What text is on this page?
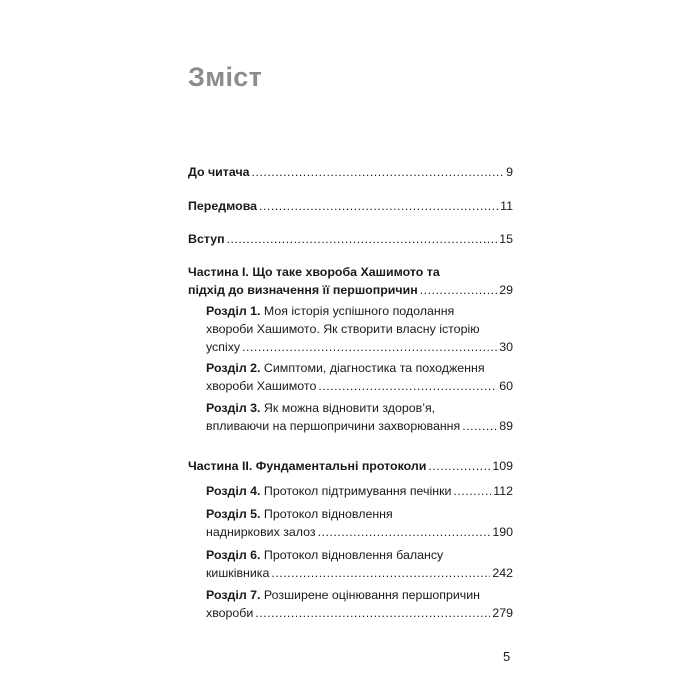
Зміст
До читача .....	9
Передмова .....	11
Вступ .....	15
Частина I. Що таке хвороба Хашимото та
підхід до визначення її першопричин .....	29
Розділ 1. Моя історія успішного подолання
хвороби Хашимото. Як створити власну історію
успіху .....	30
Розділ 2. Симптоми, діагностика та походження
хвороби Хашимото .....	60
Розділ 3. Як можна відновити здоров’я,
впливаючи на першопричини захворювання .....	89
Частина II. Фундаментальні протоколи .....	109
Розділ 4. Протокол підтримування печінки .....	112
Розділ 5. Протокол відновлення
надниркових залоз .....	190
Розділ 6. Протокол відновлення балансу
кишківника .....	242
Розділ 7. Розширене оцінювання першопричин
хвороби .....	279
5
